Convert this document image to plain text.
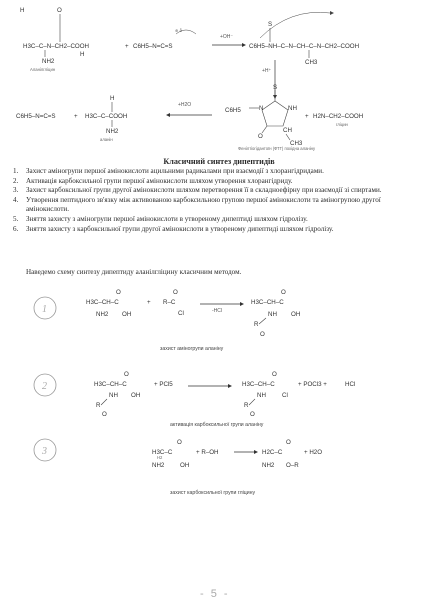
H	O
H3C–C–N–CH2–COOH
H
NH2
Аланілгліцин
+ C6H5–N=C=S
⊕ δ
+OH⁻
S
C6H5–NH–C–N–CH–C–N–CH2–COOH
CH3
+H⁺
C6H5–N=C=S	+
H
H3C–C–COOH
NH2
аланін
+H2O
C6H5
S
N	NH
O
CH
CH3
+ H2N–CH2–COOH
гліцин
Фенілтіогідантоїн (ФТГ) похідна аланіну
Класичний синтез дипептидів
1. Захист аміногрупи першої амінокислоти ацильними радикалами при взаємодії з хлорангідридами.
2. Активація карбоксильної групи першої амінокислоти шляхом утворення хлорангідриду.
3. Захист карбоксильної групи другої амінокислоти шляхом перетворення її в складноефірну при взаємодії зі спиртами.
4. Утворення пептидного зв'язку між активованою карбоксильною групою першої амінокислоти та аміногрупою другої амінокислоти.
5. Зняття захисту з аміногрупи першої амінокислоти в утвореному дипептиді шляхом гідролізу.
6. Зняття захисту з карбоксильної групи другої амінокислоти в утвореному дипептиді шляхом гідролізу.
Наведемо схему синтезу дипептиду аланілгліцину класичним методом.
1
O
H3C–CH–C
NH2 OH
+
O
R–C
Cl	-HCl
O
H3C–CH–C
NH OH
R
O
захист аміногрупи аланіну
2
O
H3C–CH–C
NH OH
R
O
+ PCl5
O
H3C–CH–C
NH	Cl
R
O
+ POCl3 +	HCl
активація карбоксильної групи аланіну
3
O
H3C–C
H2
NH2	OH
+ R–OH
O
H2C–C
NH2 O–R
+ H2O
захист карбоксильної групи гліцину
- 5 -
